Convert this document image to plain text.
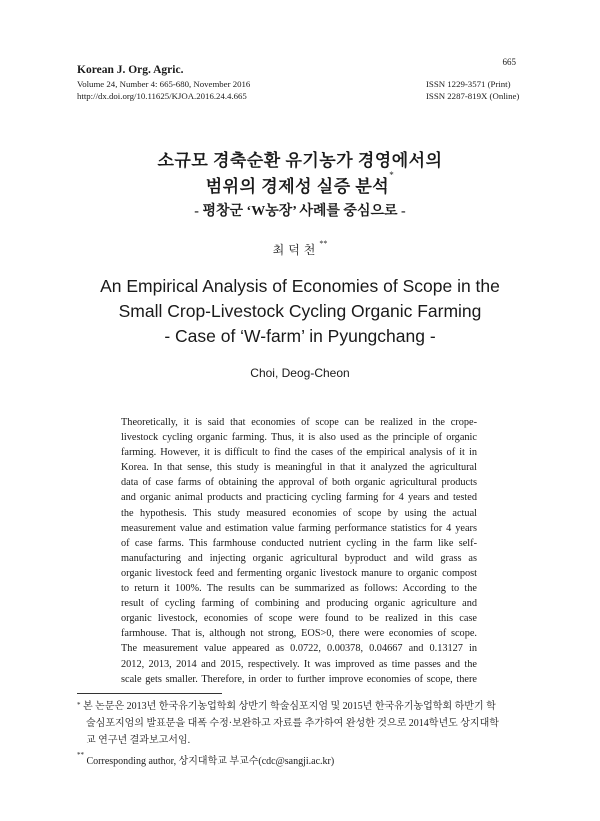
Korean J. Org. Agric.
Volume 24, Number 4: 665-680, November 2016
http://dx.doi.org/10.11625/KJOA.2016.24.4.665
665
ISSN 1229-3571 (Print)
ISSN 2287-819X (Online)
소규모 경축순환 유기농가 경영에서의
범위의 경제성 실증 분석*
- 평창군 ‘W농장’ 사례를 중심으로 -
최덕천**
An Empirical Analysis of Economies of Scope in the
Small Crop-Livestock Cycling Organic Farming
- Case of ‘W-farm’ in Pyungchang -
Choi, Deog-Cheon
Theoretically, it is said that economies of scope can be realized in the crope-
livestock cycling organic farming. Thus, it is also used as the principle of organic
farming. However, it is difficult to find the cases of the empirical analysis of it in
Korea. In that sense, this study is meaningful in that it analyzed the agricultural
data of case farms of obtaining the approval of both organic agricultural products
and organic animal products and practicing cycling farming for 4 years and tested
the hypothesis. This study measured economies of scope by using the actual
measurement value and estimation value farming performance statistics for 4 years
of case farms. This farmhouse conducted nutrient cycling in the farm like self-
manufacturing and injecting organic agricultural byproduct and wild grass as
organic livestock feed and fermenting organic livestock manure to organic compost
to return it 100%. The results can be summarized as follows: According to the
result of cycling farming of combining and producing organic agriculture and
organic livestock, economies of scope were found to be realized in this case
farmhouse. That is, although not strong, EOS>0, there were economies of scope.
The measurement value appeared as 0.0722, 0.00378, 0.04667 and 0.13127 in
2012, 2013, 2014 and 2015, respectively. It was improved as time passes and the
scale gets smaller. Therefore, in order to further improve economies of scope, there
* 본 논문은 2013년 한국유기농업학회 상반기 학술심포지엄 및 2015년 한국유기농업학회 하반기 학
술심포지엄의 발표문을 대폭 수정·보완하고 자료를 추가하여 완성한 것으로 2014학년도 상지대학
교 연구년 결과보고서임.
** Corresponding author, 상지대학교 부교수(cdc@sangji.ac.kr)
